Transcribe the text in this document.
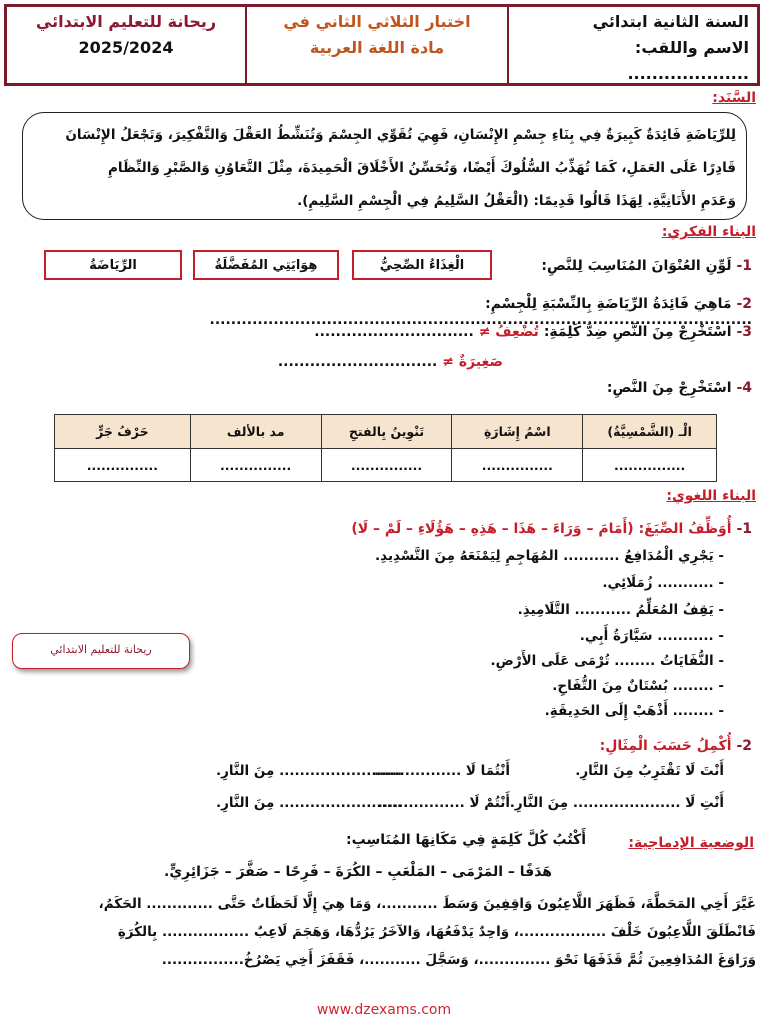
السنة الثانية ابتدائي
الاسم واللقب: ....................
اختبار الثلاثي الثاني في
مادة اللغة العربية
ريحانة للتعليم الابتدائي
2025/2024
السَّنَد:
لِلرِّيَاضَةِ فَائِدَةٌ كَبِيرَةٌ فِي بِنَاءِ جِسْمِ الإِنْسَانِ، فَهِيَ تُقَوِّي الجِسْمَ وَتُنَشِّطُ العَقْلَ وَالتَّفْكِيرَ، وَتَجْعَلُ الإِنْسَانَ
قَادِرًا عَلَى العَمَلِ، كَمَا تُهَذِّبُ السُّلُوكَ أَيْضًا، وَتُحَسِّنُ الأَخْلَاقَ الْحَمِيدَةَ، مِثْلَ التَّعَاوُنِ وَالصَّبْرِ وَالنِّظَامِ
وَعَدَمِ الأَنَانِيَّةِ. لِهَذَا قَالُوا قَدِيمًا: (الْعَقْلُ السَّلِيمُ فِي الْجِسْمِ السَّلِيمِ).
البناء الفكري:
1- لَوِّنِ العُنْوَانَ المُنَاسِبَ لِلنَّصِ:
الْغِذَاءُ الصِّحِيُّ
هِوَايَتِي المُفَضَّلَةُ
الرِّيَاضَةُ
2- مَاهِيَ فَائِدَةُ الرِّيَاضَةِ بِالنِّسْبَةِ لِلْجِسْمِ: ......................................................................................................
3- اسْتَخْرِجْ مِنَ النَّصِ ضِدَّ كَلِمَةِ: تُضْعِفُ ≠ ..............................
صَغِيرَةٌ ≠ ..............................
4- اسْتَخْرِجْ مِنَ النَّصِ:
الْـ (الشَّمْسِيَّةُ)	اسْمُ إِشَارَةِ	تَنْوِينُ بِالفتحِ	مد بالألف	حَرْفُ جَرٍّ
...............	...............	...............	...............	...............
البناء اللغوي:
1- أُوَظِّفُ الصِّيَغَ: (أَمَامَ – وَرَاءَ – هَذَا – هَذِهِ – هَؤُلَاءِ – لَمْ – لَا)
- يَجْرِي الْمُدَافِعُ ........... المُهَاجِمِ لِيَمْنَعَهُ مِنَ التَّسْدِيدِ.
- ........... زُمَلَائِي.
- يَقِفُ المُعَلِّمُ ........... التَّلَامِيذِ.
- ........... سَيَّارَةُ أَبِي.
- النُّفَايَاتُ ........ تُرْمَى عَلَى الأَرْضِ.
- ........ بُسْتَانٌ مِنَ التُّفَاحِ.
- ........ أَذْهَبْ إِلَى الحَدِيقَةِ.
ريحانة للتعليم الابتدائي
2- أُكْمِلُ حَسَبَ الْمِثَالِ:
أَنْتَ لَا تَقْتَرِبُ مِنَ النَّارِ.
أَنْتُمَا لَا .................
........................ مِنَ النَّارِ.
أَنْتِ لَا ..................... مِنَ النَّارِ.
أَنْتُمْ لَا .................
........................ مِنَ النَّارِ.
الوضعية الإدماجية:
أَكْتُبُ كُلَّ كَلِمَةٍ فِي مَكَانِهَا المُنَاسِبِ:
هَدَفًا – المَرْمَى – المَلْعَبِ – الكُرَةَ – فَرِحًا – صَفَّرَ – جَزَائِرِيٍّ.
غَيَّرَ أَخِي المَحَطَّةَ، فَظَهَرَ اللَّاعِبُونَ وَاقِفِينَ وَسَطَ ...........، وَمَا هِيَ إِلَّا لَحَظَاتٌ حَتَّى ............. الحَكَمُ،
فَانْطَلَقَ اللَّاعِبُونَ خَلْفَ .................، وَاحِدٌ يَدْفَعُهَا، وَالآخَرُ يَرُدُّهَا، وَهَجَمَ لَاعِبٌ ................. بِالكُرَةِ
وَرَاوَغَ المُدَافِعِينَ ثُمَّ قَذَفَهَا نَحْوَ ..............، وَسَجَّلَ ...........، فَقَفَزَ أَخِي يَصْرُخُ................
www.dzexams.com
